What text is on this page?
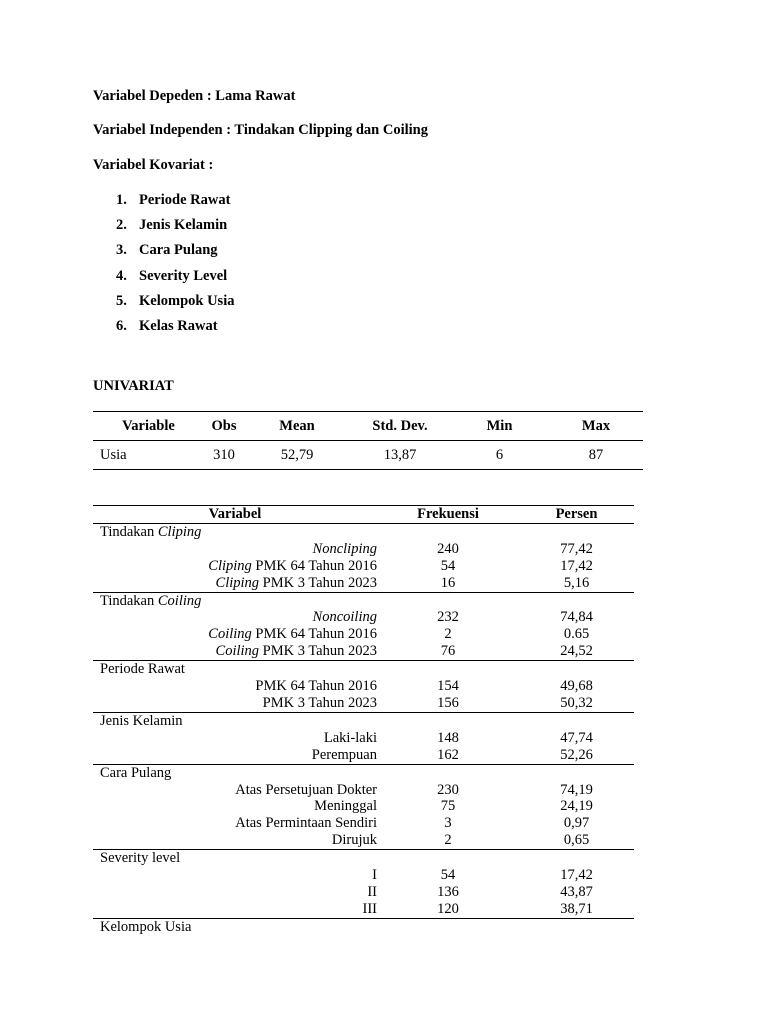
Variabel Depeden : Lama Rawat
Variabel Independen : Tindakan Clipping dan Coiling
Variabel Kovariat :
1. Periode Rawat
2. Jenis Kelamin
3. Cara Pulang
4. Severity Level
5. Kelompok Usia
6. Kelas Rawat
UNIVARIAT
Variable	Obs	Mean	Std. Dev.	Min	Max
Usia	310	52,79	13,87	6	87
Variabel	Frekuensi	Persen
Tindakan Cliping		
Noncliping	240	77,42
Cliping PMK 64 Tahun 2016	54	17,42
Cliping PMK 3 Tahun 2023	16	5,16
Tindakan Coiling		
Noncoiling	232	74,84
Coiling PMK 64 Tahun 2016	2	0.65
Coiling PMK 3 Tahun 2023	76	24,52
Periode Rawat		
PMK 64 Tahun 2016	154	49,68
PMK 3 Tahun 2023	156	50,32
Jenis Kelamin		
Laki-laki	148	47,74
Perempuan	162	52,26
Cara Pulang		
Atas Persetujuan Dokter	230	74,19
Meninggal	75	24,19
Atas Permintaan Sendiri	3	0,97
Dirujuk	2	0,65
Severity level		
I	54	17,42
II	136	43,87
III	120	38,71
Kelompok Usia		
